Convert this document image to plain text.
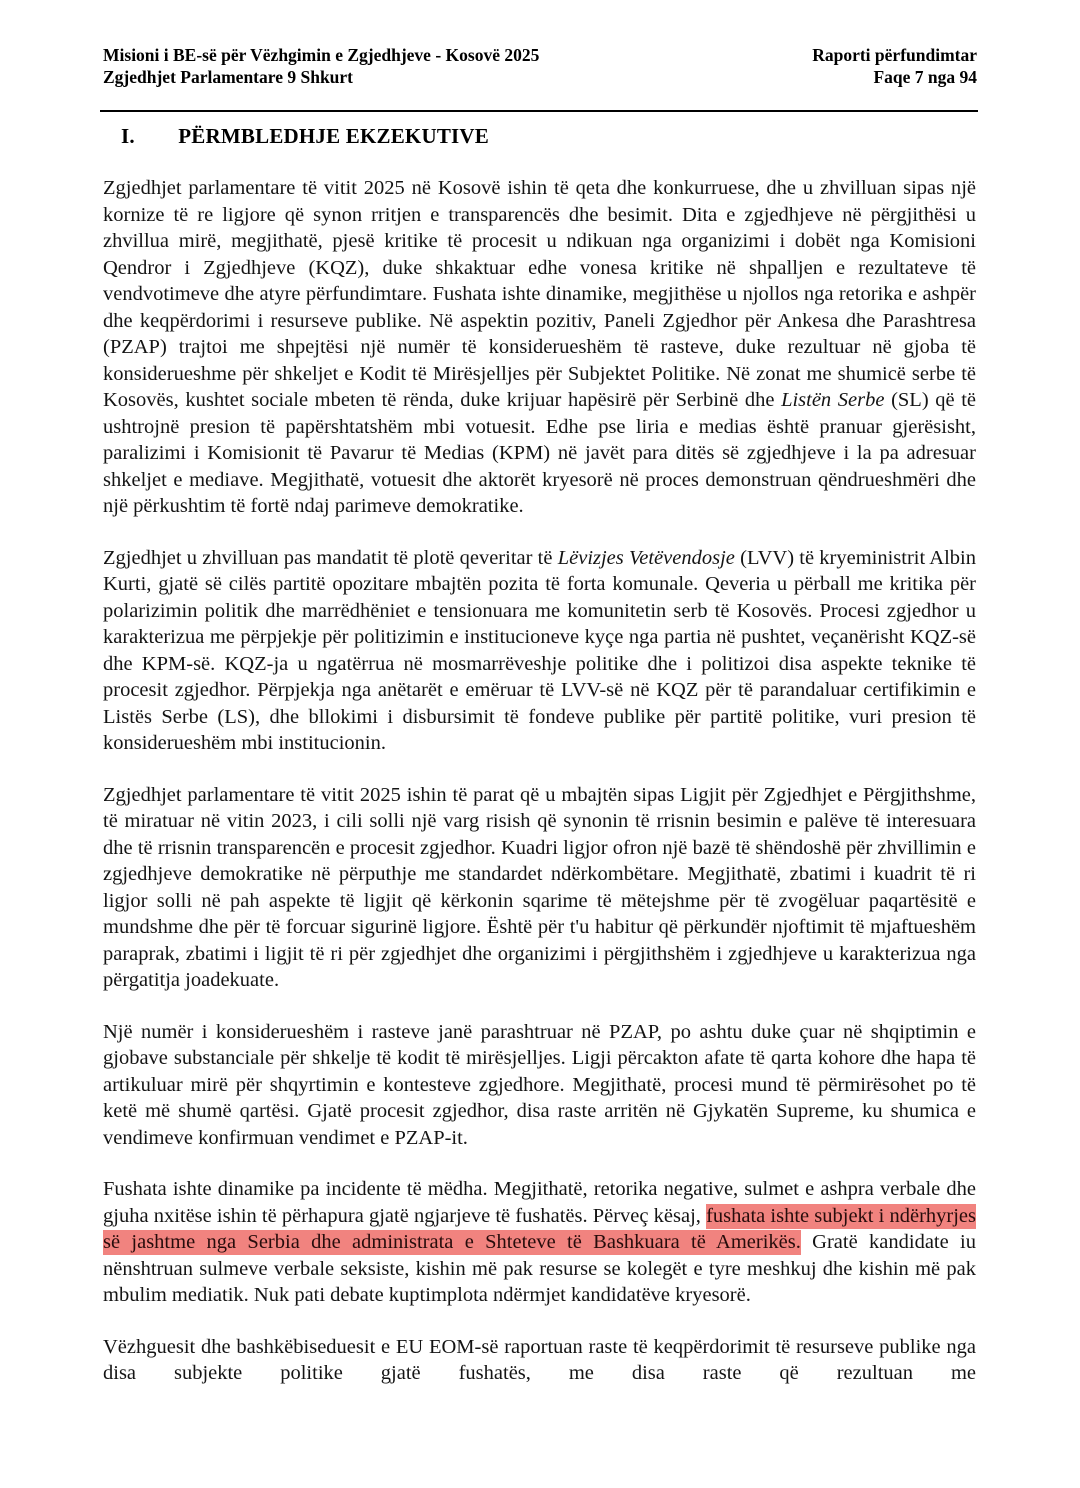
Misioni i BE-së për Vëzhgimin e Zgjedhjeve - Kosovë 2025
Zgjedhjet Parlamentare 9 Shkurt
Raporti përfundimtar
Faqe 7 nga 94
I. PËRMBLEDHJE EKZEKUTIVE

Zgjedhjet parlamentare të vitit 2025 në Kosovë ishin të qeta dhe konkurruese, dhe u zhvilluan sipas një kornize të re ligjore që synon rritjen e transparencës dhe besimit. Dita e zgjedhjeve në përgjithësi u zhvillua mirë, megjithatë, pjesë kritike të procesit u ndikuan nga organizimi i dobët nga Komisioni Qendror i Zgjedhjeve (KQZ), duke shkaktuar edhe vonesa kritike në shpalljen e rezultateve të vendvotimeve dhe atyre përfundimtare. Fushata ishte dinamike, megjithëse u njollos nga retorika e ashpër dhe keqpërdorimi i resurseve publike. Në aspektin pozitiv, Paneli Zgjedhor për Ankesa dhe Parashtresa (PZAP) trajtoi me shpejtësi një numër të konsiderueshëm të rasteve, duke rezultuar në gjoba të konsiderueshme për shkeljet e Kodit të Mirësjelljes për Subjektet Politike. Në zonat me shumicë serbe të Kosovës, kushtet sociale mbeten të rënda, duke krijuar hapësirë për Serbinë dhe Listën Serbe (SL) që të ushtrojnë presion të papërshtatshëm mbi votuesit. Edhe pse liria e medias është pranuar gjerësisht, paralizimi i Komisionit të Pavarur të Medias (KPM) në javët para ditës së zgjedhjeve i la pa adresuar shkeljet e mediave. Megjithatë, votuesit dhe aktorët kryesorë në proces demonstruan qëndrueshmëri dhe një përkushtim të fortë ndaj parimeve demokratike.

Zgjedhjet u zhvilluan pas mandatit të plotë qeveritar të Lëvizjes Vetëvendosje (LVV) të kryeministrit Albin Kurti, gjatë së cilës partitë opozitare mbajtën pozita të forta komunale. Qeveria u përball me kritika për polarizimin politik dhe marrëdhëniet e tensionuara me komunitetin serb të Kosovës. Procesi zgjedhor u karakterizua me përpjekje për politizimin e institucioneve kyçe nga partia në pushtet, veçanërisht KQZ-së dhe KPM-së. KQZ-ja u ngatërrua në mosmarrëveshje politike dhe i politizoi disa aspekte teknike të procesit zgjedhor. Përpjekja nga anëtarët e emëruar të LVV-së në KQZ për të parandaluar certifikimin e Listës Serbe (LS), dhe bllokimi i disbursimit të fondeve publike për partitë politike, vuri presion të konsiderueshëm mbi institucionin.

Zgjedhjet parlamentare të vitit 2025 ishin të parat që u mbajtën sipas Ligjit për Zgjedhjet e Përgjithshme, të miratuar në vitin 2023, i cili solli një varg risish që synonin të rrisnin besimin e palëve të interesuara dhe të rrisnin transparencën e procesit zgjedhor. Kuadri ligjor ofron një bazë të shëndoshë për zhvillimin e zgjedhjeve demokratike në përputhje me standardet ndërkombëtare. Megjithatë, zbatimi i kuadrit të ri ligjor solli në pah aspekte të ligjit që kërkonin sqarime të mëtejshme për të zvogëluar paqartësitë e mundshme dhe për të forcuar sigurinë ligjore. Është për t'u habitur që përkundër njoftimit të mjaftueshëm paraprak, zbatimi i ligjit të ri për zgjedhjet dhe organizimi i përgjithshëm i zgjedhjeve u karakterizua nga përgatitja joadekuate.

Një numër i konsiderueshëm i rasteve janë parashtruar në PZAP, po ashtu duke çuar në shqiptimin e gjobave substanciale për shkelje të kodit të mirësjelljes. Ligji përcakton afate të qarta kohore dhe hapa të artikuluar mirë për shqyrtimin e kontesteve zgjedhore. Megjithatë, procesi mund të përmirësohet po të ketë më shumë qartësi. Gjatë procesit zgjedhor, disa raste arritën në Gjykatën Supreme, ku shumica e vendimeve konfirmuan vendimet e PZAP-it.

Fushata ishte dinamike pa incidente të mëdha. Megjithatë, retorika negative, sulmet e ashpra verbale dhe gjuha nxitëse ishin të përhapura gjatë ngjarjeve të fushatës. Përveç kësaj, fushata ishte subjekt i ndërhyrjes së jashtme nga Serbia dhe administrata e Shteteve të Bashkuara të Amerikës. Gratë kandidate iu nënshtruan sulmeve verbale seksiste, kishin më pak resurse se kolegët e tyre meshkuj dhe kishin më pak mbulim mediatik. Nuk pati debate kuptimplota ndërmjet kandidatëve kryesorë.

Vëzhguesit dhe bashkëbiseduesit e EU EOM-së raportuan raste të keqpërdorimit të resurseve publike nga disa subjekte politike gjatë fushatës, me disa raste që rezultuan me
